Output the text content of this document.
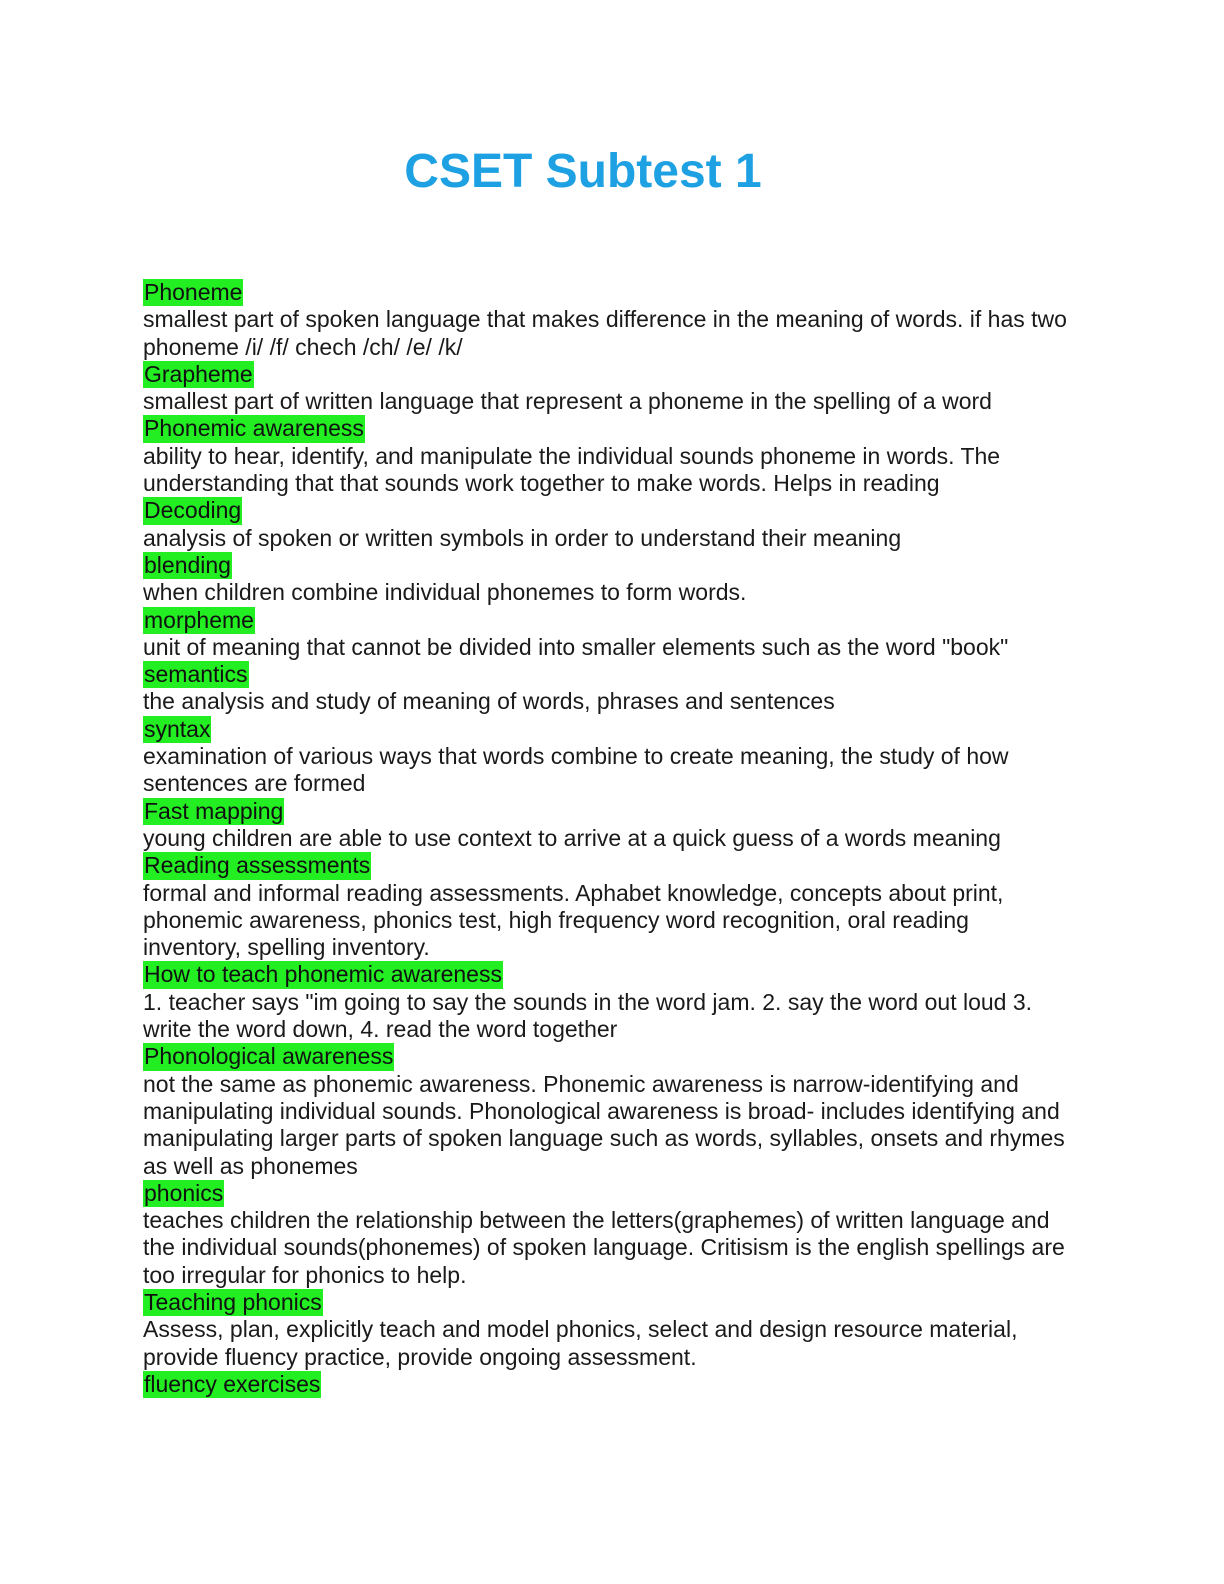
CSET Subtest 1
Phoneme
smallest part of spoken language that makes difference in the meaning of words. if has two phoneme /i/ /f/ chech /ch/ /e/ /k/
Grapheme
smallest part of written language that represent a phoneme in the spelling of a word
Phonemic awareness
ability to hear, identify, and manipulate the individual sounds phoneme in words. The understanding that that sounds work together to make words. Helps in reading
Decoding
analysis of spoken or written symbols in order to understand their meaning
blending
when children combine individual phonemes to form words.
morpheme
unit of meaning that cannot be divided into smaller elements such as the word "book"
semantics
the analysis and study of meaning of words, phrases and sentences
syntax
examination of various ways that words combine to create meaning, the study of how sentences are formed
Fast mapping
young children are able to use context to arrive at a quick guess of a words meaning
Reading assessments
formal and informal reading assessments. Aphabet knowledge, concepts about print, phonemic awareness, phonics test, high frequency word recognition, oral reading inventory, spelling inventory.
How to teach phonemic awareness
1. teacher says "im going to say the sounds in the word jam. 2. say the word out loud 3. write the word down, 4. read the word together
Phonological awareness
not the same as phonemic awareness. Phonemic awareness is narrow-identifying and manipulating individual sounds. Phonological awareness is broad- includes identifying and manipulating larger parts of spoken language such as words, syllables, onsets and rhymes as well as phonemes
phonics
teaches children the relationship between the letters(graphemes) of written language and the individual sounds(phonemes) of spoken language. Critisism is the english spellings are too irregular for phonics to help.
Teaching phonics
Assess, plan, explicitly teach and model phonics, select and design resource material, provide fluency practice, provide ongoing assessment.
fluency exercises
